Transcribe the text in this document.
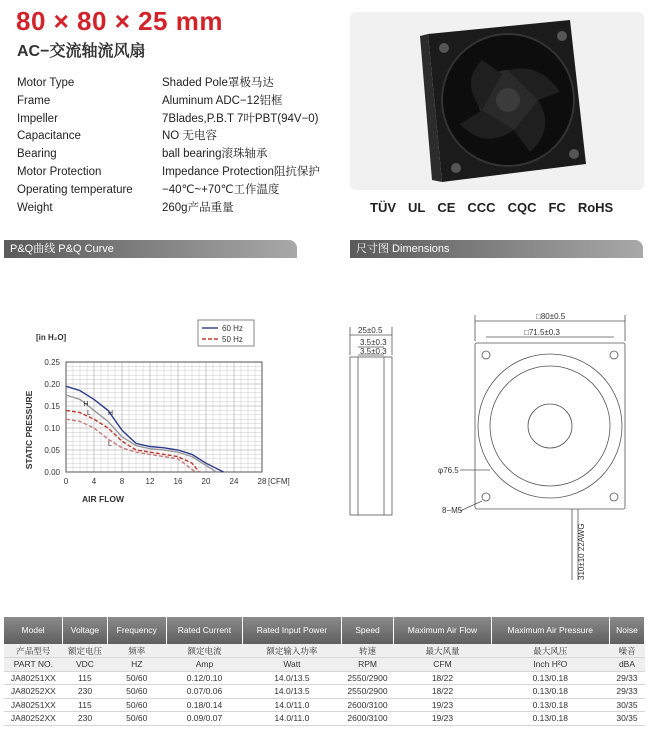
80 × 80 × 25 mm
AC−交流轴流风扇
Motor Type	Shaded Pole罩极马达
Frame	Aluminum ADC−12铝框
Impeller	7Blades,P.B.T 7叶PBT(94V−0)
Capacitance	NO 无电容
Bearing	ball bearing滚珠轴承
Motor Protection	Impedance Protection阻抗保护
Operating temperature	−40℃~+70℃工作温度
Weight	260g产品重量	TÜV UL CE CCC CQC FC RoHS
P&Q曲线 P&Q Curve	尺寸图 Dimensions
0	4	8	12 16 20 24 28 [CFM]
0.00
0.05
0.10
0.15
0.20
0.25
[in H₂O]
STATIC PRESSURE
AIR FLOW
60 Hz
50 Hz
H
H
L
L
25±0.5
3.5±0.3
3.5±0.3
□80±0.5
□71.5±0.3
φ76.5
8−M5
310±10 22AWG
Model	Voltage	Frequency	Rated Current	Rated Input Power	Speed	Maximum Air Flow	Maximum Air Pressure	Noise
产品型号	额定电压	频率	额定电流	额定输入功率	转速	最大风量	最大风压	噪音
PART NO.	VDC	HZ	Amp	Watt	RPM	CFM	Inch H²O	dBA
JA80251XX	115	50/60	0.12/0.10	14.0/13.5	2550/2900	18/22	0.13/0.18	29/33
JA80252XX	230	50/60	0.07/0.06	14.0/13.5	2550/2900	18/22	0.13/0.18	29/33
JA80251XX	115	50/60	0.18/0.14	14.0/11.0	2600/3100	19/23	0.13/0.18	30/35
JA80252XX	230	50/60	0.09/0.07	14.0/11.0	2600/3100	19/23	0.13/0.18	30/35
